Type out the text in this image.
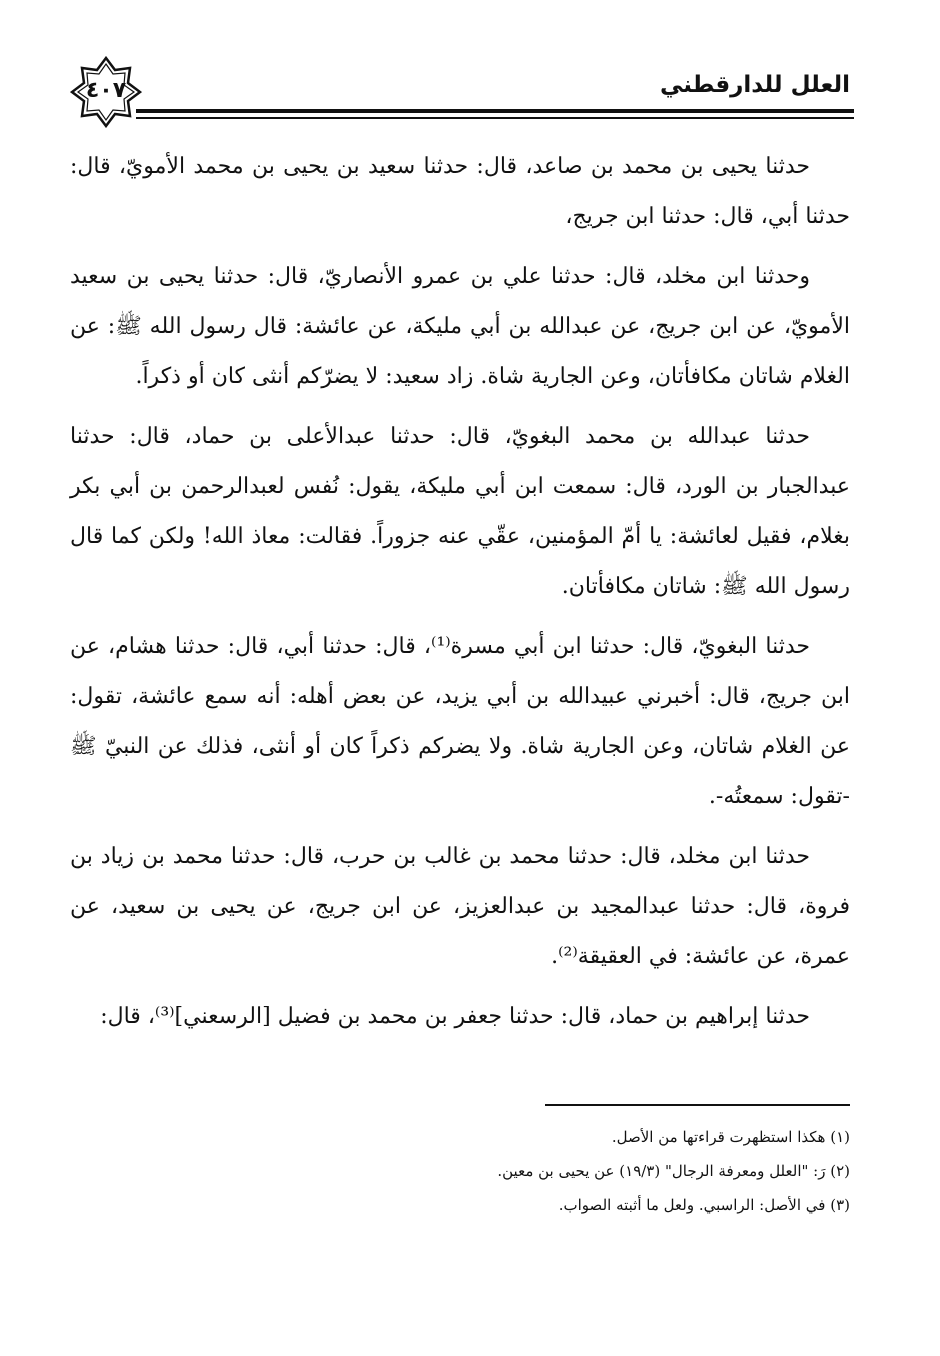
العلل للدارقطني
٤٠٧

حدثنا يحيى بن محمد بن صاعد، قال: حدثنا سعيد بن يحيى بن محمد الأمويّ، قال: حدثنا أبي، قال: حدثنا ابن جريج،

وحدثنا ابن مخلد، قال: حدثنا علي بن عمرو الأنصاريّ، قال: حدثنا يحيى بن سعيد الأمويّ، عن ابن جريج، عن عبدالله بن أبي مليكة، عن عائشة: قال رسول الله ﷺ: عن الغلام شاتان مكافأتان، وعن الجارية شاة. زاد سعيد: لا يضرّكم أنثى كان أو ذكراً.

حدثنا عبدالله بن محمد البغويّ، قال: حدثنا عبدالأعلى بن حماد، قال: حدثنا عبدالجبار بن الورد، قال: سمعت ابن أبي مليكة، يقول: نُفس لعبدالرحمن بن أبي بكر بغلام، فقيل لعائشة: يا أمّ المؤمنين، عقّي عنه جزوراً. فقالت: معاذ الله! ولكن كما قال رسول الله ﷺ: شاتان مكافأتان.

حدثنا البغويّ، قال: حدثنا ابن أبي مسرة⁽¹⁾، قال: حدثنا أبي، قال: حدثنا هشام، عن ابن جريج، قال: أخبرني عبيدالله بن أبي يزيد، عن بعض أهله: أنه سمع عائشة، تقول: عن الغلام شاتان، وعن الجارية شاة. ولا يضركم ذكراً كان أو أنثى، فذلك عن النبيّ ﷺ -تقول: سمعتُه-.

حدثنا ابن مخلد، قال: حدثنا محمد بن غالب بن حرب، قال: حدثنا محمد بن زياد بن فروة، قال: حدثنا عبدالمجيد بن عبدالعزيز، عن ابن جريج، عن يحيى بن سعيد، عن عمرة، عن عائشة: في العقيقة⁽²⁾.

حدثنا إبراهيم بن حماد، قال: حدثنا جعفر بن محمد بن فضيل [الرسعني]⁽³⁾، قال:

(١) هكذا استظهرت قراءتها من الأصل.

(٢) رَ: "العلل ومعرفة الرجال" (١٩/٣) عن يحيى بن معين.

(٣) في الأصل: الراسبي. ولعل ما أثبته الصواب.
